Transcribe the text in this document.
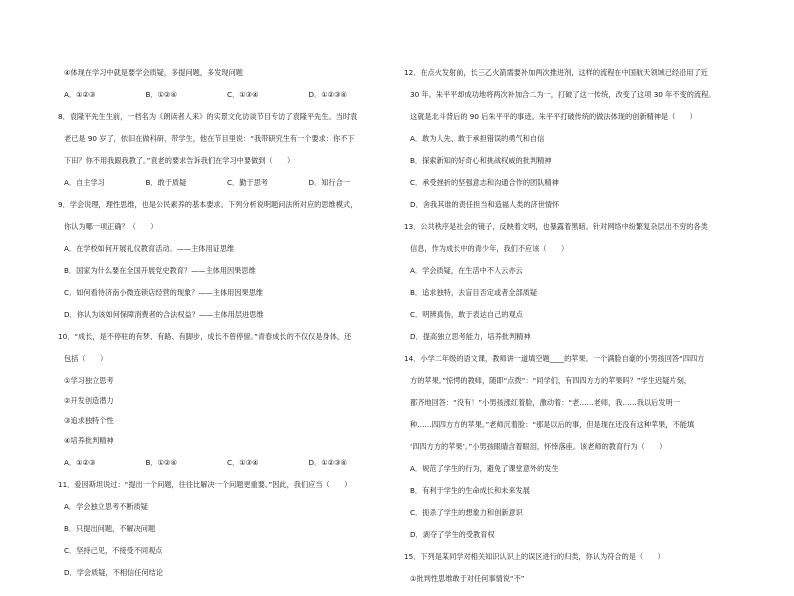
④体现在学习中就是要学会质疑，多提问题，多发现问题
A．①②③	B．①②④	C．①③④	D．①②③④
8．袁隆平先生生前，一档名为《朗读者人来》的实景文化访谈节目专访了袁隆平先生。当时袁
老已是 90 岁了，依旧在做科研、带学生，他在节目里说：“我带研究生有一个要求：你不下
下田？你不用我跟我教了。”袁老的要求告诉我们在学习中要做到（　　）
A．自主学习	B．敢于质疑	C．勤于思考	D．知行合一
9．学会说理，理性思维，也是公民素养的基本要求。下列分析说明题问法所对应的思维模式，
你认为哪一项正确？（　　）
A．在学校如何开展礼仪教育活动。——主体用证思维
B．国家为什么要在全国开展党史教育？——主体用因果思维
C．如何看待济南小微连锁店经营的现象？——主体用因果思维
D．你认为该如何保障消费者的合法权益？——主体用层进思维
10．“成长，是不停驻的有梦、有路、有脚步，成长不曾停留。”青春成长的不仅仅是身体，还
包括（　　）
①学习独立思考
②开发创造潜力
③追求独特个性
④培养批判精神
A．①②③	B．①②④	C．①③④	D．①②③④
11．爱因斯坦说过：“提出一个问题，往往比解决一个问题更重要。”因此，我们应当（　　）
A．学会独立思考不断质疑
B．只提出问题，不解决问题
C．坚持己见，不接受不同观点
D．学会质疑，不相信任何结论
12．在点火发射前，长三乙火箭需要补加两次推进剂，这样的流程在中国航天领域已经沿用了近
30 年。朱平平却成功地将两次补加合二为一，打破了这一传统，改变了这项 30 年不变的流程。
这就是北斗背后的 90 后朱平平的事迹。朱平平打破传统的做法体现的创新精神是（　　）
A．敢为人先、敢于承担错误的勇气和自信
B．探索新知的好奇心和挑战权威的批判精神
C．承受挫折的坚强意志和沟通合作的团队精神
D．舍我其谁的责任担当和造福人类的济世情怀
13．公共秩序是社会的镜子，反映着文明，也暴露着黑暗。针对网络中纷繁复杂层出不穷的各类
信息，作为成长中的青少年，我们不应该（　　）
A．学会质疑，在生活中不人云亦云
B．追求独特，去盲目否定或者全部质疑
C．明辨真伪，敢于表达自己的观点
D．提高独立思考能力，培养批判精神
14．小学二年级的语文课，教师讲一道填空题____的苹果。一个满脸自豪的小男孩回答“四四方
方的苹果。”惊愕的教师，随即“点拨”：“同学们，有四四方方的苹果吗？”学生迟疑片刻，
都齐地回答：“没有！”小男孩涨红着脸，激动着：“老……老师，我……我以后发明一
种……四四方方的苹果。”老师沉着脸：“那是以后的事，但是现在还没有这种苹果，不能填
‘四四方方的苹果’。”小男孩眼睛含着眼泪，怀悻落座。该老师的教育行为（　　）
A．规范了学生的行为，避免了课堂意外的发生
B．有利于学生的生命成长和未来发展
C．扼杀了学生的想象力和创新意识
D．剥夺了学生的受教育权
15．下列是某同学对相关知识认识上的误区进行的归类，你认为符合的是（　　）
①批判性思维敢于对任何事情说“不”
